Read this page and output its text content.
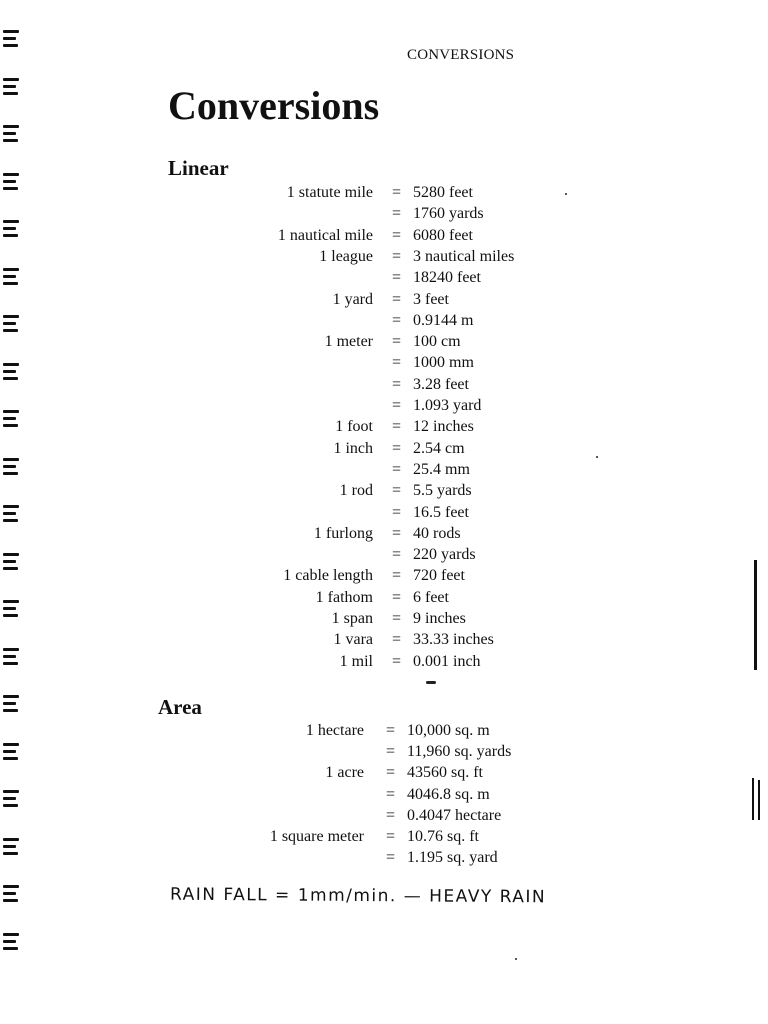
CONVERSIONS
Conversions
Linear
1 statute mile = 5280 feet
= 1760 yards
1 nautical mile = 6080 feet
1 league = 3 nautical miles
= 18240 feet
1 yard = 3 feet
= 0.9144 m
1 meter = 100 cm
= 1000 mm
= 3.28 feet
= 1.093 yard
1 foot = 12 inches
1 inch = 2.54 cm
= 25.4 mm
1 rod = 5.5 yards
= 16.5 feet
1 furlong = 40 rods
= 220 yards
1 cable length = 720 feet
1 fathom = 6 feet
1 span = 9 inches
1 vara = 33.33 inches
1 mil = 0.001 inch
Area
1 hectare = 10,000 sq. m
= 11,960 sq. yards
1 acre = 43560 sq. ft
= 4046.8 sq. m
= 0.4047 hectare
1 square meter = 10.76 sq. ft
= 1.195 sq. yard
RAIN FALL = 1mm/min. — HEAVY RAIN
